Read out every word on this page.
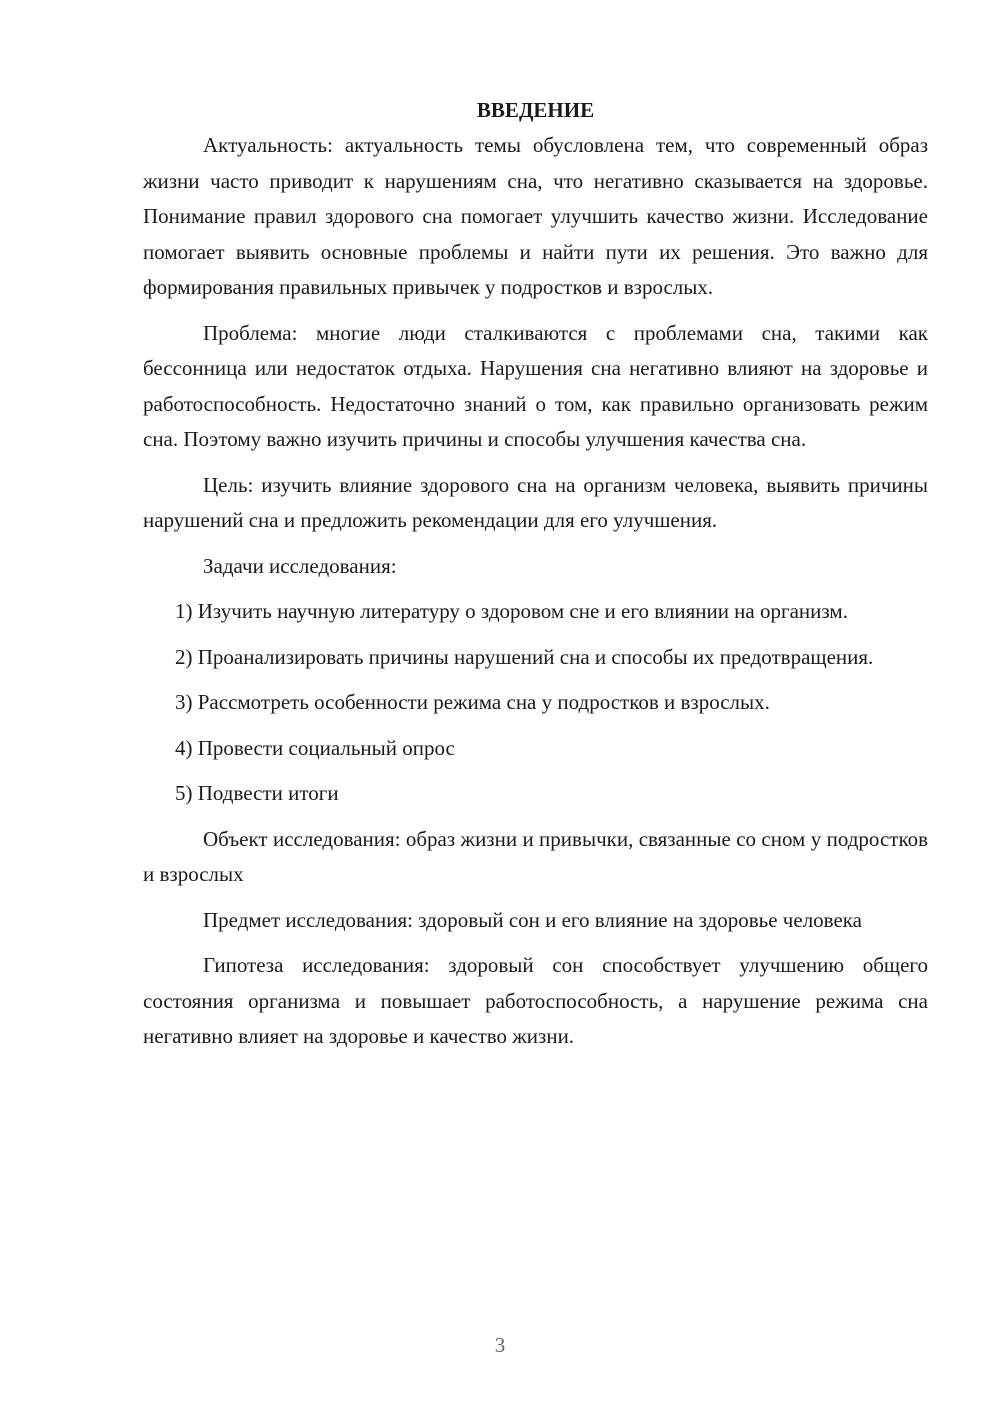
ВВЕДЕНИЕ

Актуальность: актуальность темы обусловлена тем, что современный образ жизни часто приводит к нарушениям сна, что негативно сказывается на здоровье. Понимание правил здорового сна помогает улучшить качество жизни. Исследование помогает выявить основные проблемы и найти пути их решения. Это важно для формирования правильных привычек у подростков и взрослых.

Проблема: многие люди сталкиваются с проблемами сна, такими как бессонница или недостаток отдыха. Нарушения сна негативно влияют на здоровье и работоспособность. Недостаточно знаний о том, как правильно организовать режим сна. Поэтому важно изучить причины и способы улучшения качества сна.

Цель: изучить влияние здорового сна на организм человека, выявить причины нарушений сна и предложить рекомендации для его улучшения.

Задачи исследования:

1) Изучить научную литературу о здоровом сне и его влиянии на организм.

2) Проанализировать причины нарушений сна и способы их предотвращения.

3) Рассмотреть особенности режима сна у подростков и взрослых.

4) Провести социальный опрос

5) Подвести итоги

Объект исследования: образ жизни и привычки, связанные со сном у подростков и взрослых

Предмет исследования: здоровый сон и его влияние на здоровье человека

Гипотеза исследования: здоровый сон способствует улучшению общего состояния организма и повышает работоспособность, а нарушение режима сна негативно влияет на здоровье и качество жизни.

3
